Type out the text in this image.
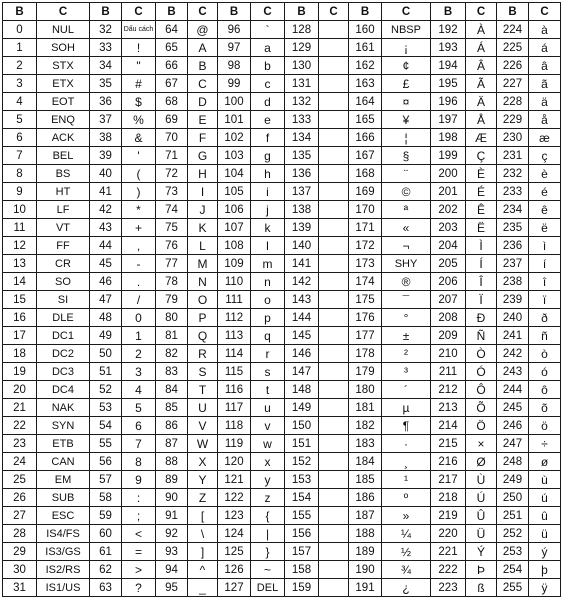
B	C	B	C	B	C	B	C	B	C	B	C	B	C	B	C
0	NUL	32	Dấu cách	64	@	96	`	128		160	NBSP	192	À	224	à
1	SOH	33	!	65	A	97	a	129		161	¡	193	Á	225	á
2	STX	34	"	66	B	98	b	130		162	¢	194	Â	226	â
3	ETX	35	#	67	C	99	c	131		163	£	195	Ã	227	ã
4	EOT	36	$	68	D	100	d	132		164	¤	196	Ä	228	ä
5	ENQ	37	%	69	E	101	e	133		165	¥	197	Å	229	å
6	ACK	38	&	70	F	102	f	134		166	¦	198	Æ	230	æ
7	BEL	39	'	71	G	103	g	135		167	§	199	Ç	231	ç
8	BS	40	(	72	H	104	h	136		168	¨	200	È	232	è
9	HT	41	)	73	I	105	i	137		169	©	201	É	233	é
10	LF	42	*	74	J	106	j	138		170	ª	202	Ê	234	ê
11	VT	43	+	75	K	107	k	139		171	«	203	Ë	235	ë
12	FF	44	,	76	L	108	l	140		172	¬	204	Ì	236	ì
13	CR	45	-	77	M	109	m	141		173	SHY	205	Í	237	í
14	SO	46	.	78	N	110	n	142		174	®	206	Î	238	î
15	SI	47	/	79	O	111	o	143		175	¯	207	Ï	239	ï
16	DLE	48	0	80	P	112	p	144		176	°	208	Ð	240	ð
17	DC1	49	1	81	Q	113	q	145		177	±	209	Ñ	241	ñ
18	DC2	50	2	82	R	114	r	146		178	²	210	Ò	242	ò
19	DC3	51	3	83	S	115	s	147		179	³	211	Ó	243	ó
20	DC4	52	4	84	T	116	t	148		180	´	212	Ô	244	ô
21	NAK	53	5	85	U	117	u	149		181	µ	213	Õ	245	õ
22	SYN	54	6	86	V	118	v	150		182	¶	214	Ö	246	ö
23	ETB	55	7	87	W	119	w	151		183	·	215	×	247	÷
24	CAN	56	8	88	X	120	x	152		184	¸	216	Ø	248	ø
25	EM	57	9	89	Y	121	y	153		185	¹	217	Ù	249	ù
26	SUB	58	:	90	Z	122	z	154		186	º	218	Ú	250	ú
27	ESC	59	;	91	[	123	{	155		187	»	219	Û	251	û
28	IS4/FS	60	<	92	\	124	|	156		188	¼	220	Ü	252	ü
29	IS3/GS	61	=	93	]	125	}	157		189	½	221	Ý	253	ý
30	IS2/RS	62	>	94	^	126	~	158		190	¾	222	Þ	254	þ
31	IS1/US	63	?	95	_	127	DEL	159		191	¿	223	ß	255	ÿ
